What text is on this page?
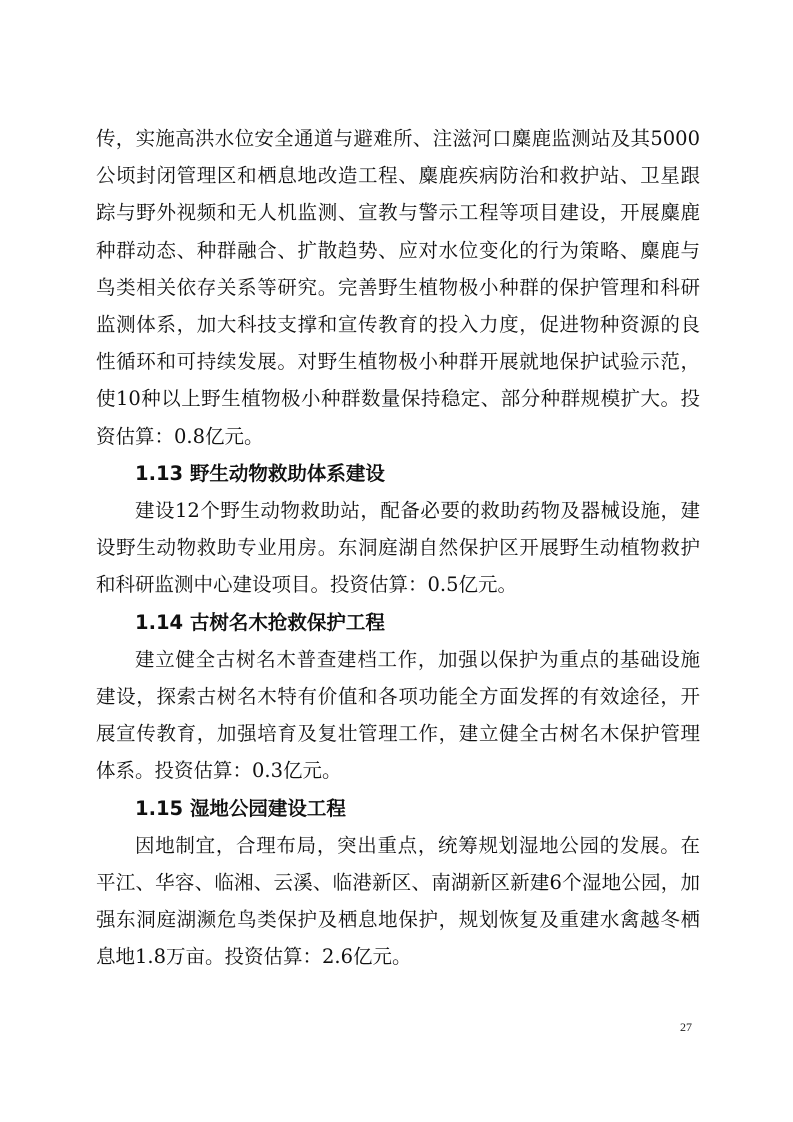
传，实施高洪水位安全通道与避难所、注滋河口麋鹿监测站及其5000公顷封闭管理区和栖息地改造工程、麋鹿疾病防治和救护站、卫星跟踪与野外视频和无人机监测、宣教与警示工程等项目建设，开展麋鹿种群动态、种群融合、扩散趋势、应对水位变化的行为策略、麋鹿与鸟类相关依存关系等研究。完善野生植物极小种群的保护管理和科研监测体系，加大科技支撑和宣传教育的投入力度，促进物种资源的良性循环和可持续发展。对野生植物极小种群开展就地保护试验示范，使10种以上野生植物极小种群数量保持稳定、部分种群规模扩大。投资估算：0.8亿元。

1.13 野生动物救助体系建设

建设12个野生动物救助站，配备必要的救助药物及器械设施，建设野生动物救助专业用房。东洞庭湖自然保护区开展野生动植物救护和科研监测中心建设项目。投资估算：0.5亿元。

1.14 古树名木抢救保护工程

建立健全古树名木普查建档工作，加强以保护为重点的基础设施建设，探索古树名木特有价值和各项功能全方面发挥的有效途径，开展宣传教育，加强培育及复壮管理工作，建立健全古树名木保护管理体系。投资估算：0.3亿元。

1.15 湿地公园建设工程

因地制宜，合理布局，突出重点，统筹规划湿地公园的发展。在平江、华容、临湘、云溪、临港新区、南湖新区新建6个湿地公园，加强东洞庭湖濒危鸟类保护及栖息地保护，规划恢复及重建水禽越冬栖息地1.8万亩。投资估算：2.6亿元。

27
